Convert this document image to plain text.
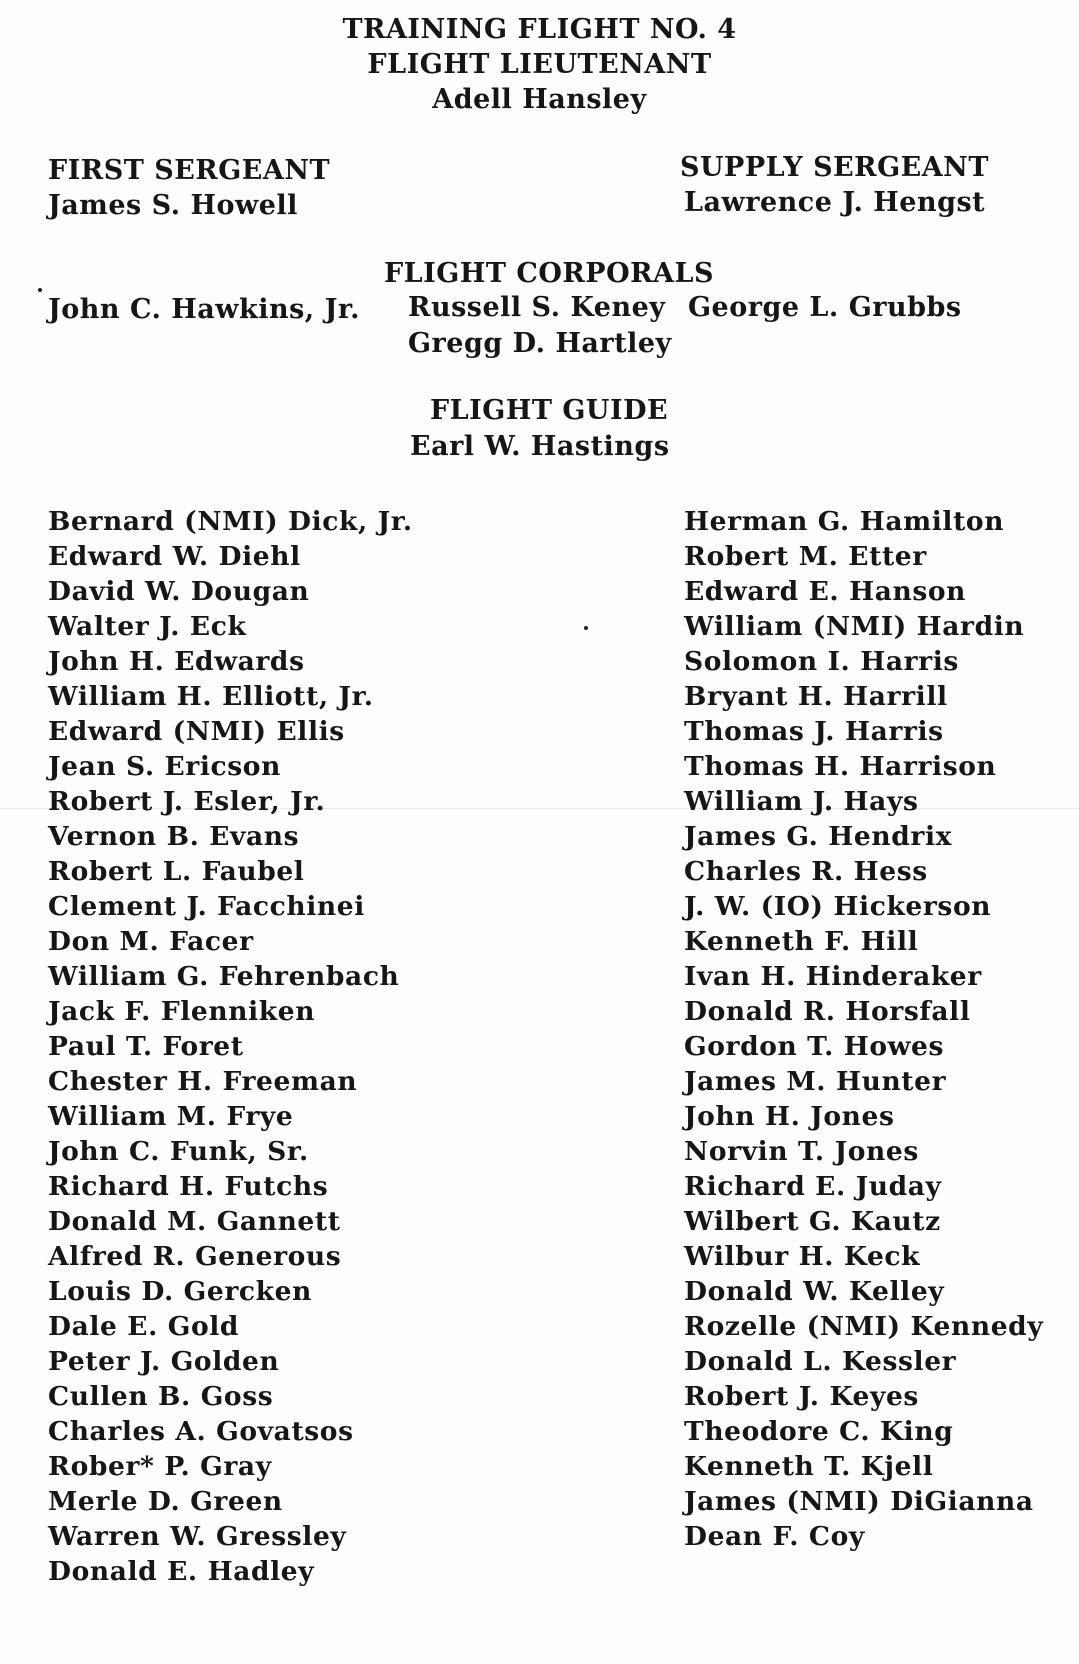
TRAINING FLIGHT NO. 4
FLIGHT LIEUTENANT
Adell Hansley
FIRST SERGEANT
James S. Howell
SUPPLY SERGEANT
Lawrence J. Hengst
FLIGHT CORPORALS
John C. Hawkins, Jr. Russell S. Keney George L. Grubbs
Gregg D. Hartley
FLIGHT GUIDE
Earl W. Hastings
Bernard (NMI) Dick, Jr.
Edward W. Diehl
David W. Dougan
Walter J. Eck
John H. Edwards
William H. Elliott, Jr.
Edward (NMI) Ellis
Jean S. Ericson
Robert J. Esler, Jr.
Vernon B. Evans
Robert L. Faubel
Clement J. Facchinei
Don M. Facer
William G. Fehrenbach
Jack F. Flenniken
Paul T. Foret
Chester H. Freeman
William M. Frye
John C. Funk, Sr.
Richard H. Futchs
Donald M. Gannett
Alfred R. Generous
Louis D. Gercken
Dale E. Gold
Peter J. Golden
Cullen B. Goss
Charles A. Govatsos
Rober* P. Gray
Merle D. Green
Warren W. Gressley
Donald E. Hadley
Herman G. Hamilton
Robert M. Etter
Edward E. Hanson
William (NMI) Hardin
Solomon I. Harris
Bryant H. Harrill
Thomas J. Harris
Thomas H. Harrison
William J. Hays
James G. Hendrix
Charles R. Hess
J. W. (IO) Hickerson
Kenneth F. Hill
Ivan H. Hinderaker
Donald R. Horsfall
Gordon T. Howes
James M. Hunter
John H. Jones
Norvin T. Jones
Richard E. Juday
Wilbert G. Kautz
Wilbur H. Keck
Donald W. Kelley
Rozelle (NMI) Kennedy
Donald L. Kessler
Robert J. Keyes
Theodore C. King
Kenneth T. Kjell
James (NMI) DiGianna
Dean F. Coy
